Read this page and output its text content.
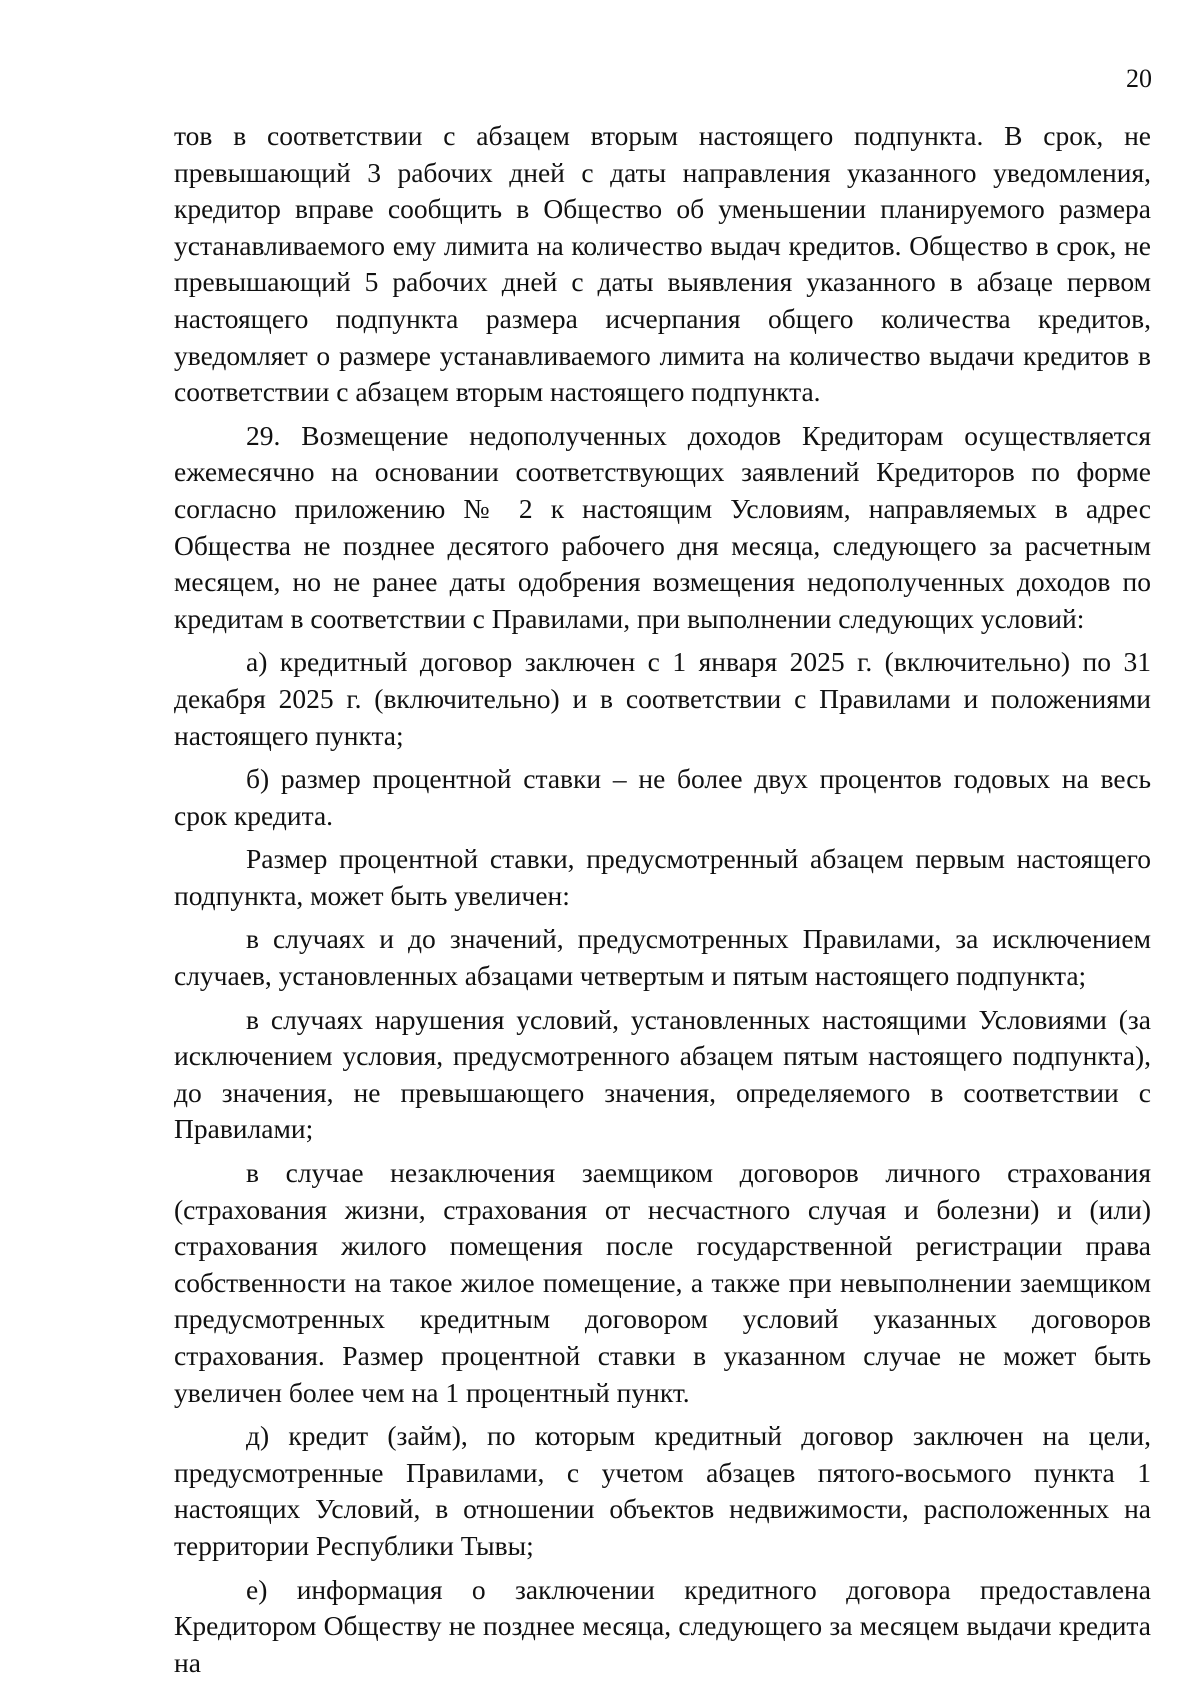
20

тов в соответствии с абзацем вторым настоящего подпункта. В срок, не превышающий 3 рабочих дней с даты направления указанного уведомления, кредитор вправе сообщить в Общество об уменьшении планируемого размера устанавливаемого ему лимита на количество выдач кредитов. Общество в срок, не превышающий 5 рабочих дней с даты выявления указанного в абзаце первом настоящего подпункта размера исчерпания общего количества кредитов, уведомляет о размере устанавливаемого лимита на количество выдачи кредитов в соответствии с абзацем вторым настоящего подпункта.

29. Возмещение недополученных доходов Кредиторам осуществляется ежемесячно на основании соответствующих заявлений Кредиторов по форме согласно приложению № 2 к настоящим Условиям, направляемых в адрес Общества не позднее десятого рабочего дня месяца, следующего за расчетным месяцем, но не ранее даты одобрения возмещения недополученных доходов по кредитам в соответствии с Правилами, при выполнении следующих условий:

а) кредитный договор заключен с 1 января 2025 г. (включительно) по 31 декабря 2025 г. (включительно) и в соответствии с Правилами и положениями настоящего пункта;

б) размер процентной ставки – не более двух процентов годовых на весь срок кредита.

Размер процентной ставки, предусмотренный абзацем первым настоящего подпункта, может быть увеличен:

в случаях и до значений, предусмотренных Правилами, за исключением случаев, установленных абзацами четвертым и пятым настоящего подпункта;

в случаях нарушения условий, установленных настоящими Условиями (за исключением условия, предусмотренного абзацем пятым настоящего подпункта), до значения, не превышающего значения, определяемого в соответствии с Правилами;

в случае незаключения заемщиком договоров личного страхования (страхования жизни, страхования от несчастного случая и болезни) и (или) страхования жилого помещения после государственной регистрации права собственности на такое жилое помещение, а также при невыполнении заемщиком предусмотренных кредитным договором условий указанных договоров страхования. Размер процентной ставки в указанном случае не может быть увеличен более чем на 1 процентный пункт.

д) кредит (займ), по которым кредитный договор заключен на цели, предусмотренные Правилами, с учетом абзацев пятого-восьмого пункта 1 настоящих Условий, в отношении объектов недвижимости, расположенных на территории Республики Тывы;

е) информация о заключении кредитного договора предоставлена Кредитором Обществу не позднее месяца, следующего за месяцем выдачи кредита на
